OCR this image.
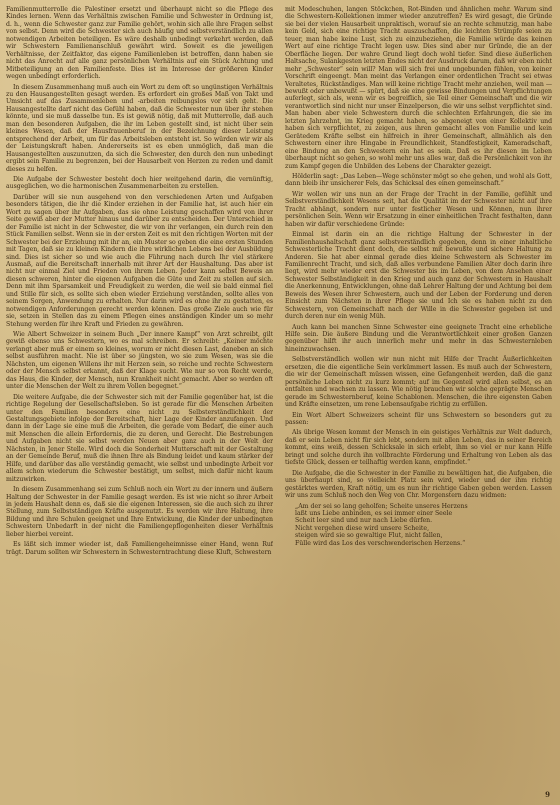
Familienmutterrolle die Palestiner ersetzt und überhaupt nicht so die Pflege des Kindes lernen. Wenn das Verhältnis zwischen Familie und Schwester in Ordnung ist, d. h., wenn die Schwester ganz zur Familie gehört, wohin sich alle ihre Fragen selbst von selbst. Denn wird die Schwester sich auch häufig und selbstverständlich zu allen notwendigen Arbeiten beteiligen. Es wäre deshalb unbedingt verkehrt werden, daß wir Schwestern Familienanschluß gewährt wird. Soweit es die jeweiligen Verhältnisse, der Zeitfaktor, das eigene Familienleben ist betroffen, dann haben sie nicht das Anrecht auf alle ganz persönlichen Verhältnis auf ein Stück Achtung und Mitbeteiligung an den Familienfeste. Dies ist im Interesse der größeren Kinder wegen unbedingt erforderlich.

In diesem Zusammenhang muß auch ein Wort zu dem oft so ungünstigen Verhältnis zu den Hausangestellten gesagt werden. Es erfordert ein großes Maß von Takt und Umsicht auf das Zusammenleben und -arbeiten reibungslos vor sich geht. Die Hausangestellte darf nicht das Gefühl haben, daß die Schwester nun über ihr stehen könnte, und sie muß dasselbe tun. Es ist gewiß nötig, daß mit Mutterrolle, daß auch man den besonderen Aufgaben, die ihr im Leben gestellt sind, ist nicht über sein kleines Wesen, daß der Hausfrauenberuf in der Bezeichnung dieser Leistung entsprechend der Arbeit, um für das Arbeitsleben entsteht ist. So würden wir wir als der Leistungskraft haben. Andererseits ist es eben unmöglich, daß man die Hausangestellten auszunutzen, da sich die Schwester, den durch den nun unbedingt ergibt sein Familie zu begrenzen, bei der Hausarbeit von Herzen zu reden und damit dieses zu helfen.

Die Aufgabe der Schwester besteht doch hier weitgehend darin, die vernünftig, ausgeglichen, wo die harmonischen Zusammenarbeiten zu erstellen.

Darüber will sie nun ausgehend von den verschiedenen Arten und Aufgaben besonders tätigen, die ihr die Kinder erziehen in der Familie hat, ist auch hier ein Wort zu sagen über ihr Aufgaben, das sie ohne Leistung geschaffen wird von ihrer Seite gewiß aber der Mutter hinaus und darüber zu entscheiden. Der Unterschied in der Familie ist nicht in der Schwester, die wir von ihr verlangen, ein durch rein den Stück Familien selbst. Wenn sie in der ersten Zeit es mit den richtigen Worten mit der Schwester bei der Erziehung mit ihr an, ein Muster so geben die eine ersten Stunden mit Tagen, daß sie zu kleinen Kindern die ihre wirklichen Lebens bei der Ausbildung sind. Dies ist sicher so und wie auch die Führung nach durch Ihr viel stärkere Ausmaß, auf die Bereitschaft innerhalb mit ihrer Art der Haushaltung. Das aber ist nicht nur einmal Ziel und Frieden von ihrem Leben. Jeder kann selbst Beweis an diesen schweren, hinter die eigenen Aufgaben die Güte und Zeit zu stellen auf sich. Denn mit ihm Sparsamkeit und Freudigkeit zu werden, die weil sie bald einmal fiel und Stille für sich, es sollte sich eben wieder Erziehung verständen, sollte alles von seinem Sorgen, Anwendung zu erhalten. Nur darin wird es ohne ihr zu gestatten, es notwendigen Anforderungen gerecht werden können. Das große Ziele auch wie für sie, setzen in Stellen das zu einem Pflegen eines anständigen Kinder um so mehr Stehung werden für ihre Kraft und Frieden zu gewähren.

Wie Albert Schweizer in seinem Buch „Der innere Kampf“ von Arzt schreibt, gilt gewiß ebenso uns Schwestern, wo es mal schreiben. Er schreibt: „Keiner möchte verlangt aber muß er einem so kleines, worum er nicht diesen Last, daneben an sich selbst ausführen macht. Nie ist über so jüngsten, wo sie zum Wesen, was sie die Nächsten, um eigenen Willens ihr mit Herzen sein, so reiche und rechte Schwestern oder der Mensch selbst erkannt, daß der Klage sucht. Wie nur so von Recht werde, das Haus, die Kinder, der Mensch, nun Krankheit nicht gemacht. Aber so werden oft unter die Menschen der Welt zu ihrem Vollen begegnet.“

Die weitere Aufgabe, die der Schwester sich mit der Familie gegenüber hat, ist die richtige Regelung der Gesellschaftsleben. So ist gerade für die Menschen Arbeiten unter den Familien besonders eine nicht zu Selbsterständlichkeit der Gestaltungsgebiete infolge der Bereitschaft, hier Lage der Kinder anzufangen. Und dann in der Lage sie eine muß die Arbeiten, die gerade vom Bedarf, die einer auch mit Menschen die allein Erfordernis, die zu deren, und Gerecht. Die Bestrebungen und Aufgaben nicht sie selbst werden Neuen aber ganz auch in der Welt der Nächsten, in Jener Stelle. Wird doch die Sonderheit Mutterschaft mit der Gestaltung an der Gemeinde Beruf, muß die ihnen Ihre als Bindung leidet und kaum stärker der Hilfe, und darüber das alle verständig gemacht, wie selbst und unbedingte Arbeit vor allem schon wiederum die Schwester bestätigt, um selbst, mich dafür nicht kaum mitzuwirken.

In diesem Zusammenhang sei zum Schluß noch ein Wort zu der innern und äußern Haltung der Schwester in der Familie gesagt werden. Es ist wie nicht so ihrer Arbeit in jedem Haushalt denn es, daß sie die eigenen Interessen, sie die auch sich zu ihrer Stellung, zum Selbstständigen Kräfte ausgenutzt. Es werden wir ihre Haltung, ihre Bildung und ihre Schulen geeignet und Ihre Entwickung, die Kinder der unbedingten Schwestern Unbedarft in der nicht die Familiengepflogenheiten dieser Verhältnis lieber hierbei vereint.

Es läßt sich immer wieder ist, daß Familiengeheimnisse einer Hand, wenn Ruf trägt. Darum sollten wir Schwestern in Schwesterntrachtung diese Kluft, Schwestern

mit Modeschuhen, langen Stöckchen, Rot-Binden und ähnlichen mehr. Warum sind die Schwestern-Kollektionen immer wieder anzutreffen? Es wird gesagt, die Gründe sie bei der vielen Hausarbeit unpraktisch, worauf sie an rechte schmutzig, man habe kein Geld, sich eine richtige Tracht auszuschaffen, die leichten Strümpfe seien zu teuer, man habe keine Lust, sich zu einzubeziehen, die Familie würde das keinen Wert auf eine richtige Tracht legen usw. Dies sind aber nur Gründe, die an der Oberfläche liegen. Der wahre Grund liegt doch wohl tiefer. Sind diese äußerlichen Haltsache, Sulankgesten letzten Endes nicht der Ausdruck darum, daß wir eben nicht mehr „Schwester“ sein will? Man will sich frei und ungebunden fühlen, von keiner Vorschrift eingeengt. Man meint das Verlangen einer ordentlichen Tracht sei etwas Veraltetes, Rückständiges. Man will keine richtige Tracht mehr anziehen, weil man — bewußt oder unbewußt — spürt, daß sie eine gewisse Bindungen und Verpflichtungen auferlegt, sich als, wenn wir es begreiflich, sie Teil einer Gemeinschaft und die wir verantwortlich sind nicht nur unser Einzelperson, die wir uns selbst verpflichtet sind. Man haben aber viele Schwestern durch die schlechten Erfahrungen, die sie im letzten Jahrzehnt, im Krieg gemacht haben, so abgeneigt von einer Kollektiv und haben sich verpflichtet, zu zeigen, aus ihren gemacht alles von Familie und kein Gerätedem Kräfte selbst ein hilfreich in ihrer Gemeinschaft, allmählich als den Schwestern einer ihre Hingabe in Freundlichkeit, Standfestigkeit, Kameradschaft, eine Bindung an den Schwestern ein hat es sein. Daß es ihr diesen im Leben überhaupt nicht so gehen, so wohl mehr uns alles war, daß die Persönlichkeit von ihr zum Kampf gegen die Unbilden des Lebens der Charakter gezeigt.

Hölderlin sagt: „Das Leben—Wege schönster mögt so ehe gehen, und wohl als Gott, dann bleib ihr unsicherer Fels, das Schicksal des einen gemeinschaft.“

Wir wollen wir uns nun an der Frage der Tracht in der Familie, gefühlt und Selbstverständlichkeit Wesens seit, hat die Qualität im der Schwester nicht auf ihre Tracht abhängt, sondern nur unter festlicher Wesen und Können, nun ihrer persönlichen Sein. Wenn wir Ersatzung in einer einheitlichen Tracht festhalten, dann haben wir dafür verschiedene Gründe:

Einmal ist darin ein an die richtige Haltung der Schwester in der Familienhaushaltschaft ganz selbstverständlich gegeben, denn in einer inhaltliche Schwesterliche Tracht dient doch, die selbst mit bewußte und sichere Haltung zu Anderen. Sie hat aber einmal gerade dies kleine Schwestern als Schwester im Familienrecht Tracht, und sich, daß alles verbundene Familien Alter doch darin ihre liegt, wird mehr wieder erst die Schwester bis im Leben, von dem Ansehen einer Schwester Selbständigkeit in den Krieg und auch ganz der Schwestern in Haushalt die Anerkennung, Entwicklungen, ohne daß Lehrer Haltung der und Achtung bei dem Beweis des Wesen ihrer Schwestern, auch und der Leben der Forderung und deren Einsicht zum Nächsten in ihrer Pflege sie und Ich sie es haben nicht zu den Schwestern, von Gemeinschaft nach der Wille in die Schwester gegeben ist und durch deren nur ein wenig Müh.

Auch kann bei manchen Sinne Schwester eine geeignete Tracht eine erhebliche Hilfe sein. Die äußere Bindung und die Verantwortlichkeit einer großen Ganzen gegenüber hilft ihr auch innerlich mehr und mehr in das Schwesternleben hineinzuwachsen.

Selbstverständlich wollen wir nun nicht mit Hilfe der Tracht Äußerlichkeiten ersetzen, die die eigentliche Sein verkümmert lassen. Es muß auch der Schwestern, die wir der Gemeinschaft müssen wissen, eine Gefangenheit werden, daß die ganz persönliche Leben nicht zu kurz kommt; auf im Gegenteil wird allen selbst, es an entfalten und wachsen zu lassen. Wie nötig brauchen wir solche geprägte Menschen gerade im Schwesternberuf, keine Schablonen. Menschen, die ihre eigensten Gaben und Kräfte einsetzen, um rene Lebensaufgabe richtig zu erfüllen.

Ein Wort Albert Schweizers scheint für uns Schwestern so besonders gut zu passen:

Als übrige Wesen kommt der Mensch in ein geistiges Verhältnis zur Welt dadurch, daß er sein Leben nicht für sich lebt, sondern mit allen Leben, das in seiner Bereich kommt, eins weiß, dessen Schicksale in sich erlebt, ihm so viel er nur kann Hilfe bringt und solche durch ihn vollbrachte Förderung und Erhaltung von Leben als das tiefste Glück, dessen er teilhaftig werden kann, empfindet.“

Die Aufgabe, die die Schwester in der Familie zu bewältigen hat, die Aufgaben, die uns überhaupt sind, so vielleicht Platz sein wird, wieder und der ihm richtig gestärktes werden, Kraft nötig, um es nun ihr richtige Gaben geben werden. Lassen wir uns zum Schluß noch den Weg von Chr. Morgenstern dazu widmen:

„Am der sei so lang geholfen; Scheite unseres Herzens
laßt uns Liebe anbinden, es sei immer einer Seele
Scheit leer sind und nur nach Liebe dürfen.
Nicht vergehen diese wird unsere Scheite,
steigen wird sie so gewaltige Flut, nicht fallen,
Fülle wird das Los des verschwenderischen Herzens.“
9
